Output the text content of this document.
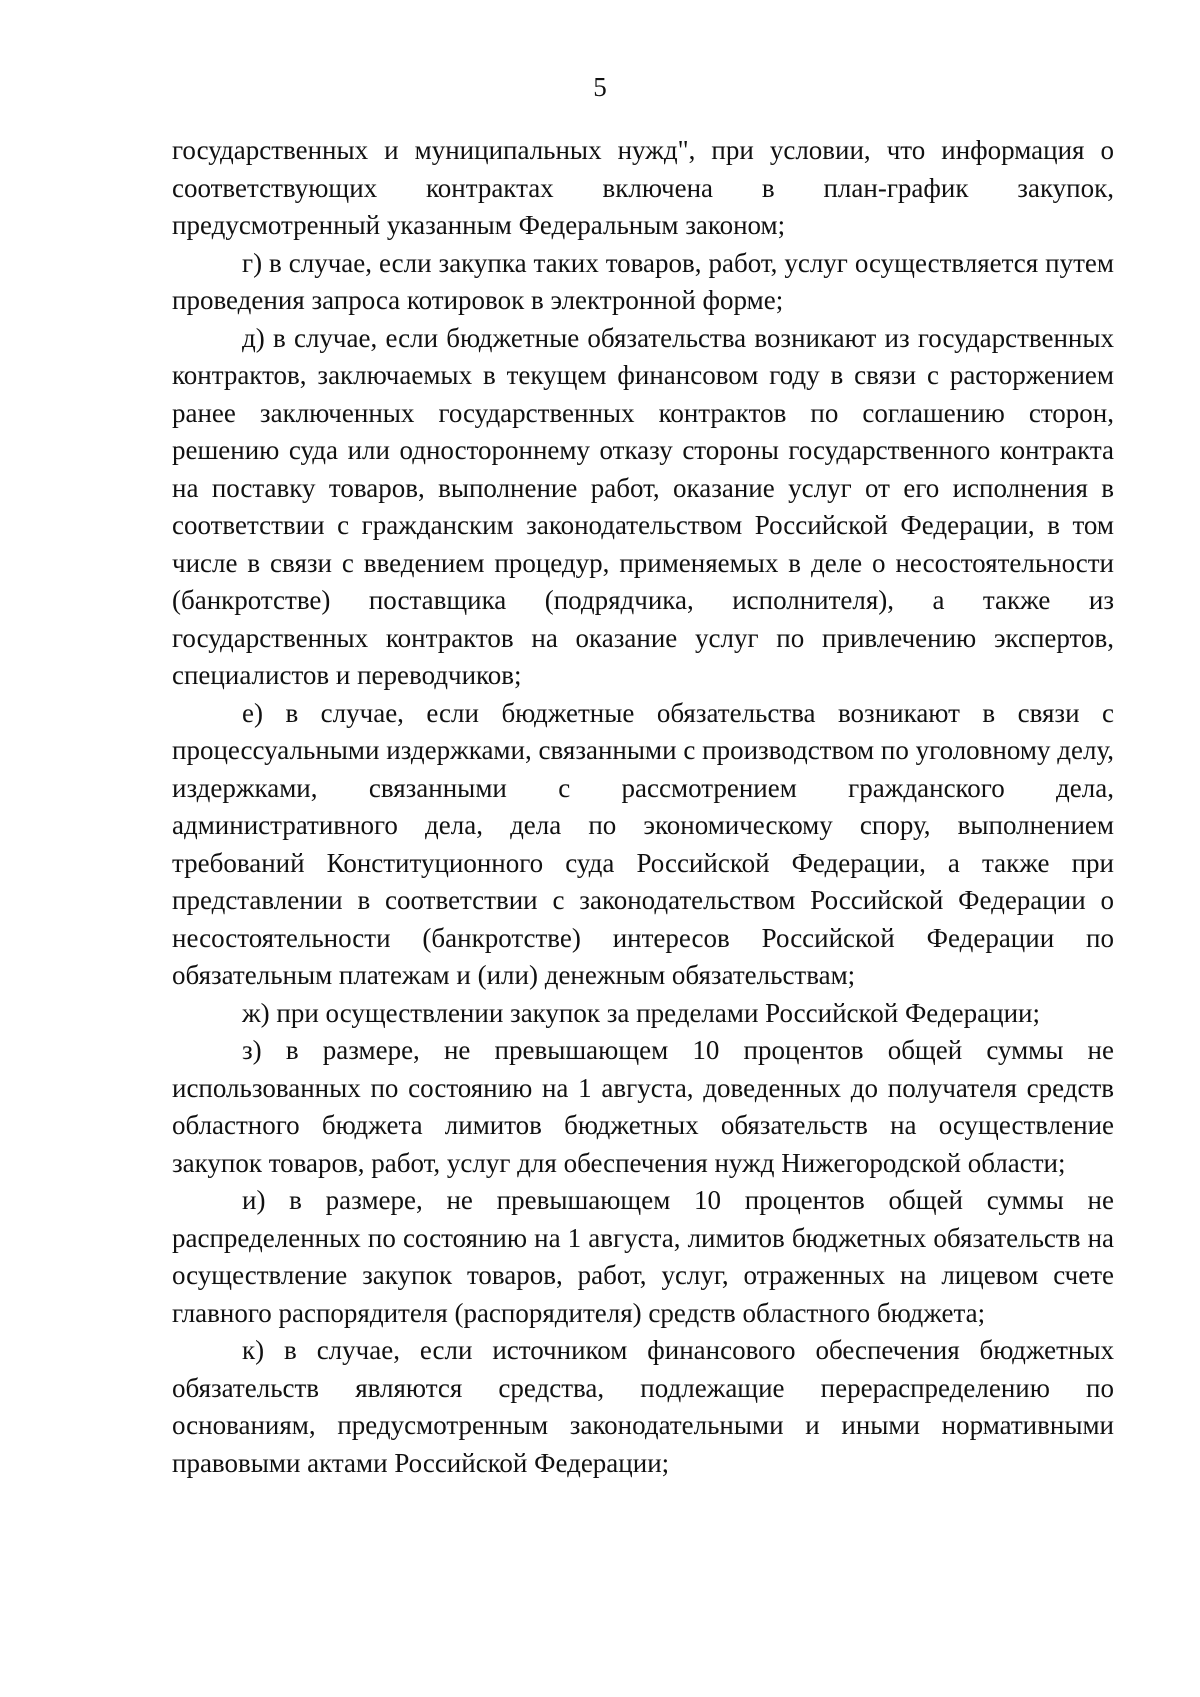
5

государственных и муниципальных нужд", при условии, что информация о соответствующих контрактах включена в план-график закупок, предусмотренный указанным Федеральным законом;

г) в случае, если закупка таких товаров, работ, услуг осуществляется путем проведения запроса котировок в электронной форме;

д) в случае, если бюджетные обязательства возникают из государственных контрактов, заключаемых в текущем финансовом году в связи с расторжением ранее заключенных государственных контрактов по соглашению сторон, решению суда или одностороннему отказу стороны государственного контракта на поставку товаров, выполнение работ, оказание услуг от его исполнения в соответствии с гражданским законодательством Российской Федерации, в том числе в связи с введением процедур, применяемых в деле о несостоятельности (банкротстве) поставщика (подрядчика, исполнителя), а также из государственных контрактов на оказание услуг по привлечению экспертов, специалистов и переводчиков;

е) в случае, если бюджетные обязательства возникают в связи с процессуальными издержками, связанными с производством по уголовному делу, издержками, связанными с рассмотрением гражданского дела, административного дела, дела по экономическому спору, выполнением требований Конституционного суда Российской Федерации, а также при представлении в соответствии с законодательством Российской Федерации о несостоятельности (банкротстве) интересов Российской Федерации по обязательным платежам и (или) денежным обязательствам;

ж) при осуществлении закупок за пределами Российской Федерации;

з) в размере, не превышающем 10 процентов общей суммы не использованных по состоянию на 1 августа, доведенных до получателя средств областного бюджета лимитов бюджетных обязательств на осуществление закупок товаров, работ, услуг для обеспечения нужд Нижегородской области;

и) в размере, не превышающем 10 процентов общей суммы не распределенных по состоянию на 1 августа, лимитов бюджетных обязательств на осуществление закупок товаров, работ, услуг, отраженных на лицевом счете главного распорядителя (распорядителя) средств областного бюджета;

к) в случае, если источником финансового обеспечения бюджетных обязательств являются средства, подлежащие перераспределению по основаниям, предусмотренным законодательными и иными нормативными правовыми актами Российской Федерации;
